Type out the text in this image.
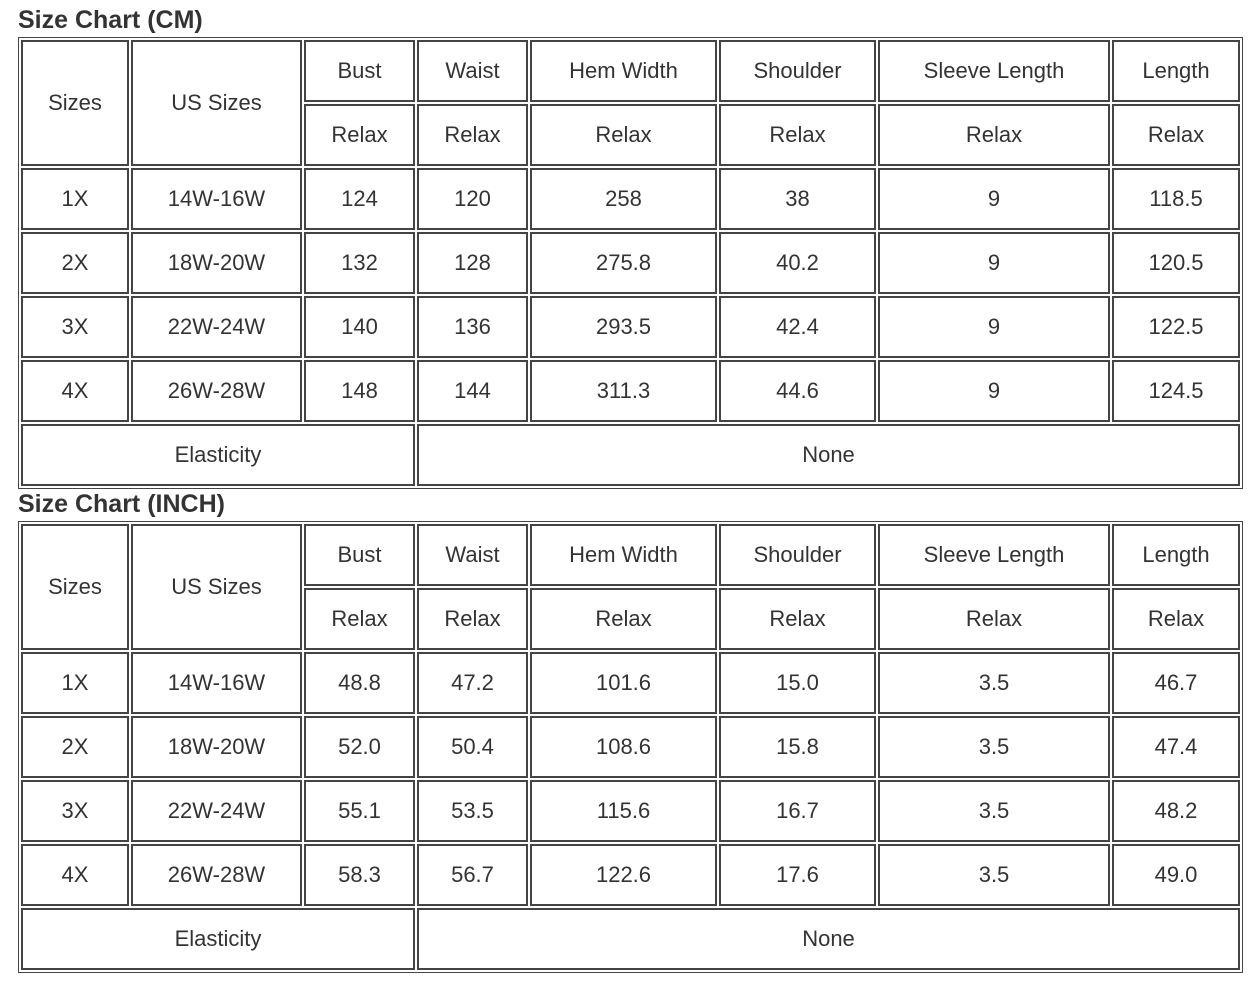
Size Chart (CM)
Sizes	US Sizes	Bust	Waist	Hem Width	Shoulder	Sleeve Length	Length
		Relax	Relax	Relax	Relax	Relax	Relax
1X	14W-16W	124	120	258	38	9	118.5
2X	18W-20W	132	128	275.8	40.2	9	120.5
3X	22W-24W	140	136	293.5	42.4	9	122.5
4X	26W-28W	148	144	311.3	44.6	9	124.5
Elasticity			None				
Size Chart (INCH)
Sizes	US Sizes	Bust	Waist	Hem Width	Shoulder	Sleeve Length	Length
		Relax	Relax	Relax	Relax	Relax	Relax
1X	14W-16W	48.8	47.2	101.6	15.0	3.5	46.7
2X	18W-20W	52.0	50.4	108.6	15.8	3.5	47.4
3X	22W-24W	55.1	53.5	115.6	16.7	3.5	48.2
4X	26W-28W	58.3	56.7	122.6	17.6	3.5	49.0
Elasticity			None				
